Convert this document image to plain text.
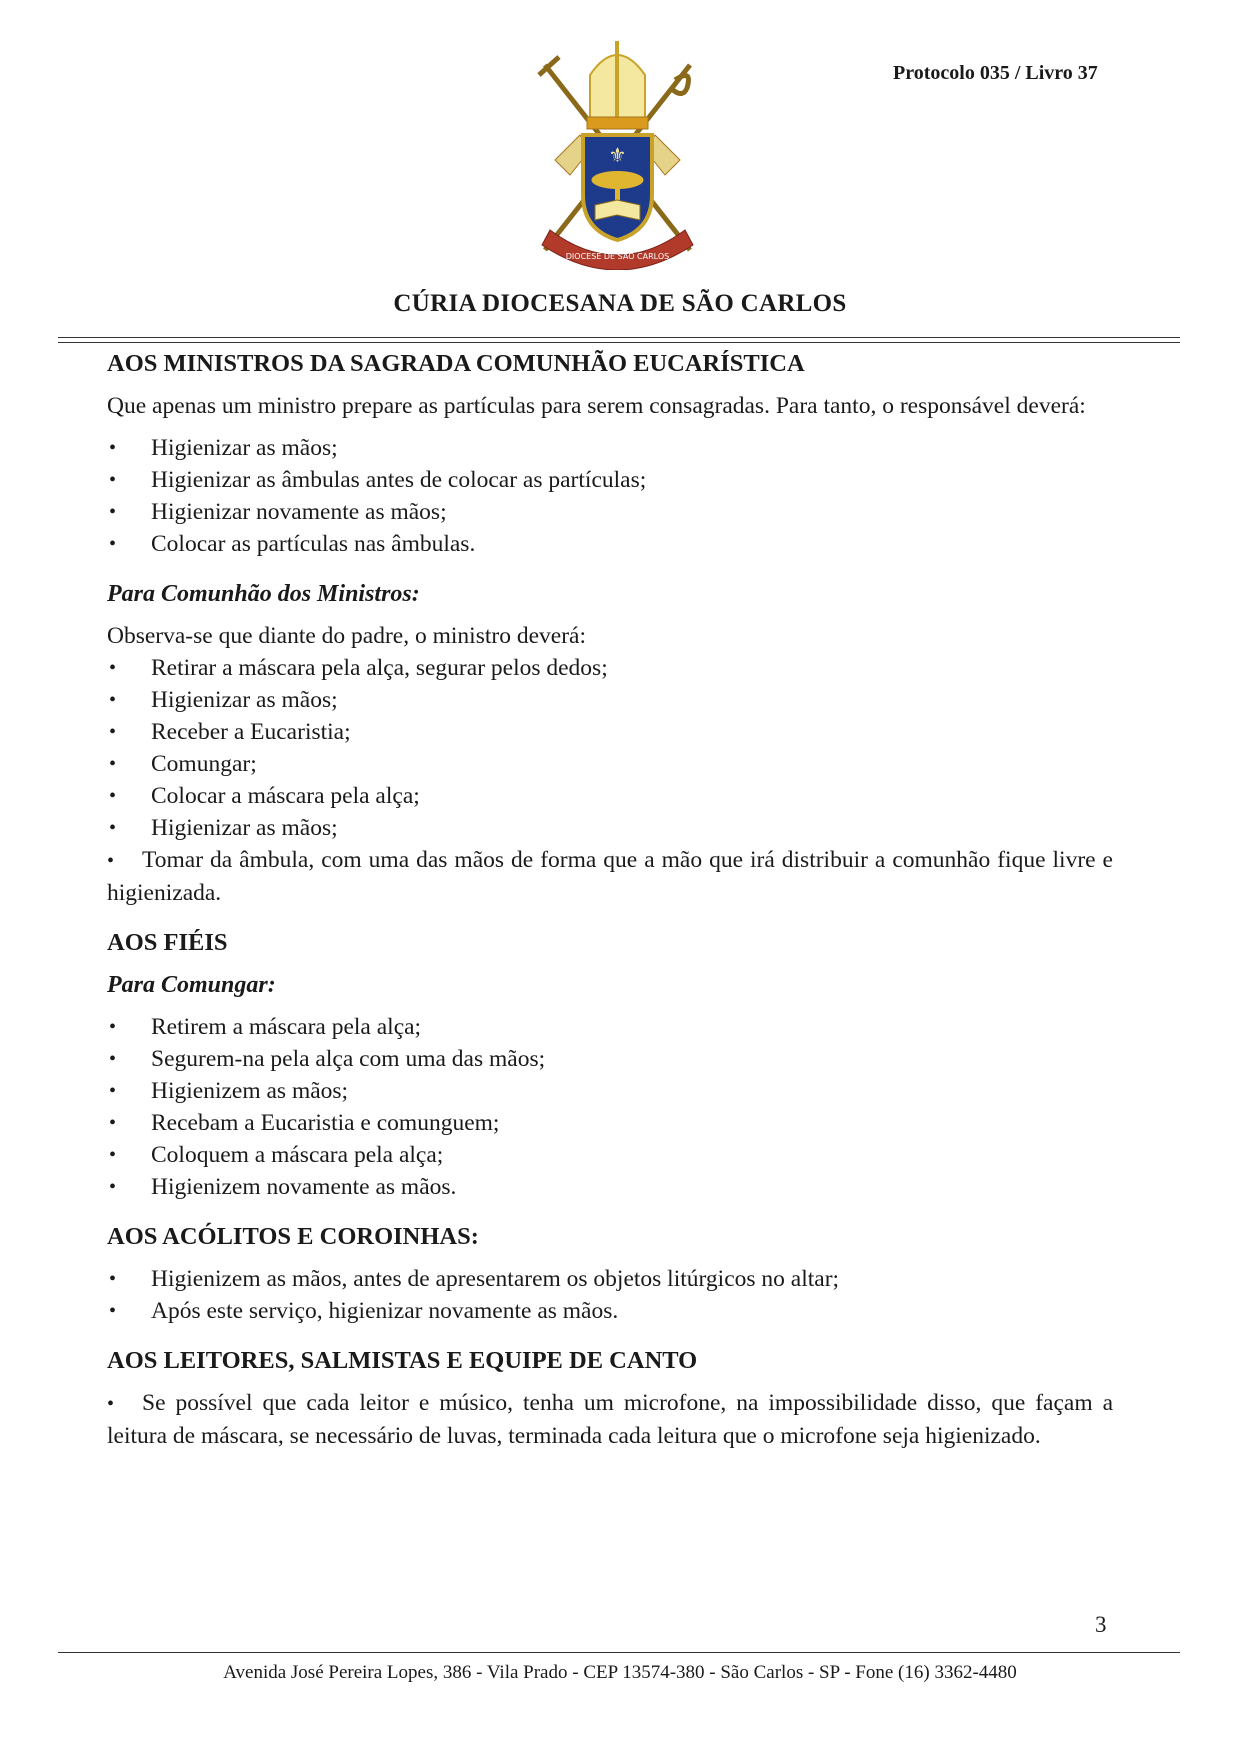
Protocolo 035 / Livro 37
⚜
DIOCESE DE SÃO CARLOS
CÚRIA DIOCESANA DE SÃO CARLOS
AOS MINISTROS DA SAGRADA COMUNHÃO EUCARÍSTICA

Que apenas um ministro prepare as partículas para serem consagradas. Para tanto, o responsável deverá:

• Higienizar as mãos;
• Higienizar as âmbulas antes de colocar as partículas;
• Higienizar novamente as mãos;
• Colocar as partículas nas âmbulas.
Para Comunhão dos Ministros:

Observa-se que diante do padre, o ministro deverá:

• Retirar a máscara pela alça, segurar pelos dedos;
• Higienizar as mãos;
• Receber a Eucaristia;
• Comungar;
• Colocar a máscara pela alça;
• Higienizar as mãos;
• Tomar da âmbula, com uma das mãos de forma que a mão que irá distribuir a comunhão fique livre e higienizada.
AOS FIÉIS
Para Comungar:
• Retirem a máscara pela alça;
• Segurem-na pela alça com uma das mãos;
• Higienizem as mãos;
• Recebam a Eucaristia e comunguem;
• Coloquem a máscara pela alça;
• Higienizem novamente as mãos.
AOS ACÓLITOS E COROINHAS:
• Higienizem as mãos, antes de apresentarem os objetos litúrgicos no altar;
• Após este serviço, higienizar novamente as mãos.
AOS LEITORES, SALMISTAS E EQUIPE DE CANTO
• Se possível que cada leitor e músico, tenha um microfone, na impossibilidade disso, que façam a leitura de máscara, se necessário de luvas, terminada cada leitura que o microfone seja higienizado.
3
Avenida José Pereira Lopes, 386 - Vila Prado - CEP 13574-380 - São Carlos - SP - Fone (16) 3362-4480
